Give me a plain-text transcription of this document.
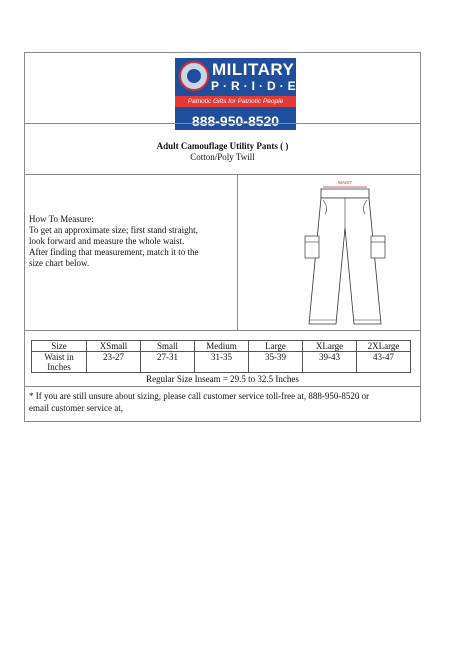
MILITARY
P·R·I·D·E
Patriotic Gifts for Patriotic People
888-950-8520
Adult Camouflage Utility Pants ( )
Cotton/Poly Twill

How To Measure:

To get an approximate size; first stand straight,

look forward and measure the whole waist.

After finding that measurement, match it to the

size chart below.

WAIST
Size	XSmall	Small	Medium	Large	XLarge	2XLarge

Waist in
Inches	23-27	27-31	31-35	35-39	39-43	43-47
Regular Size Inseam = 29.5 to 32.5 Inches
* If you are still unsure about sizing, please call customer service toll-free at, 888-950-8520 or
email customer service at,
